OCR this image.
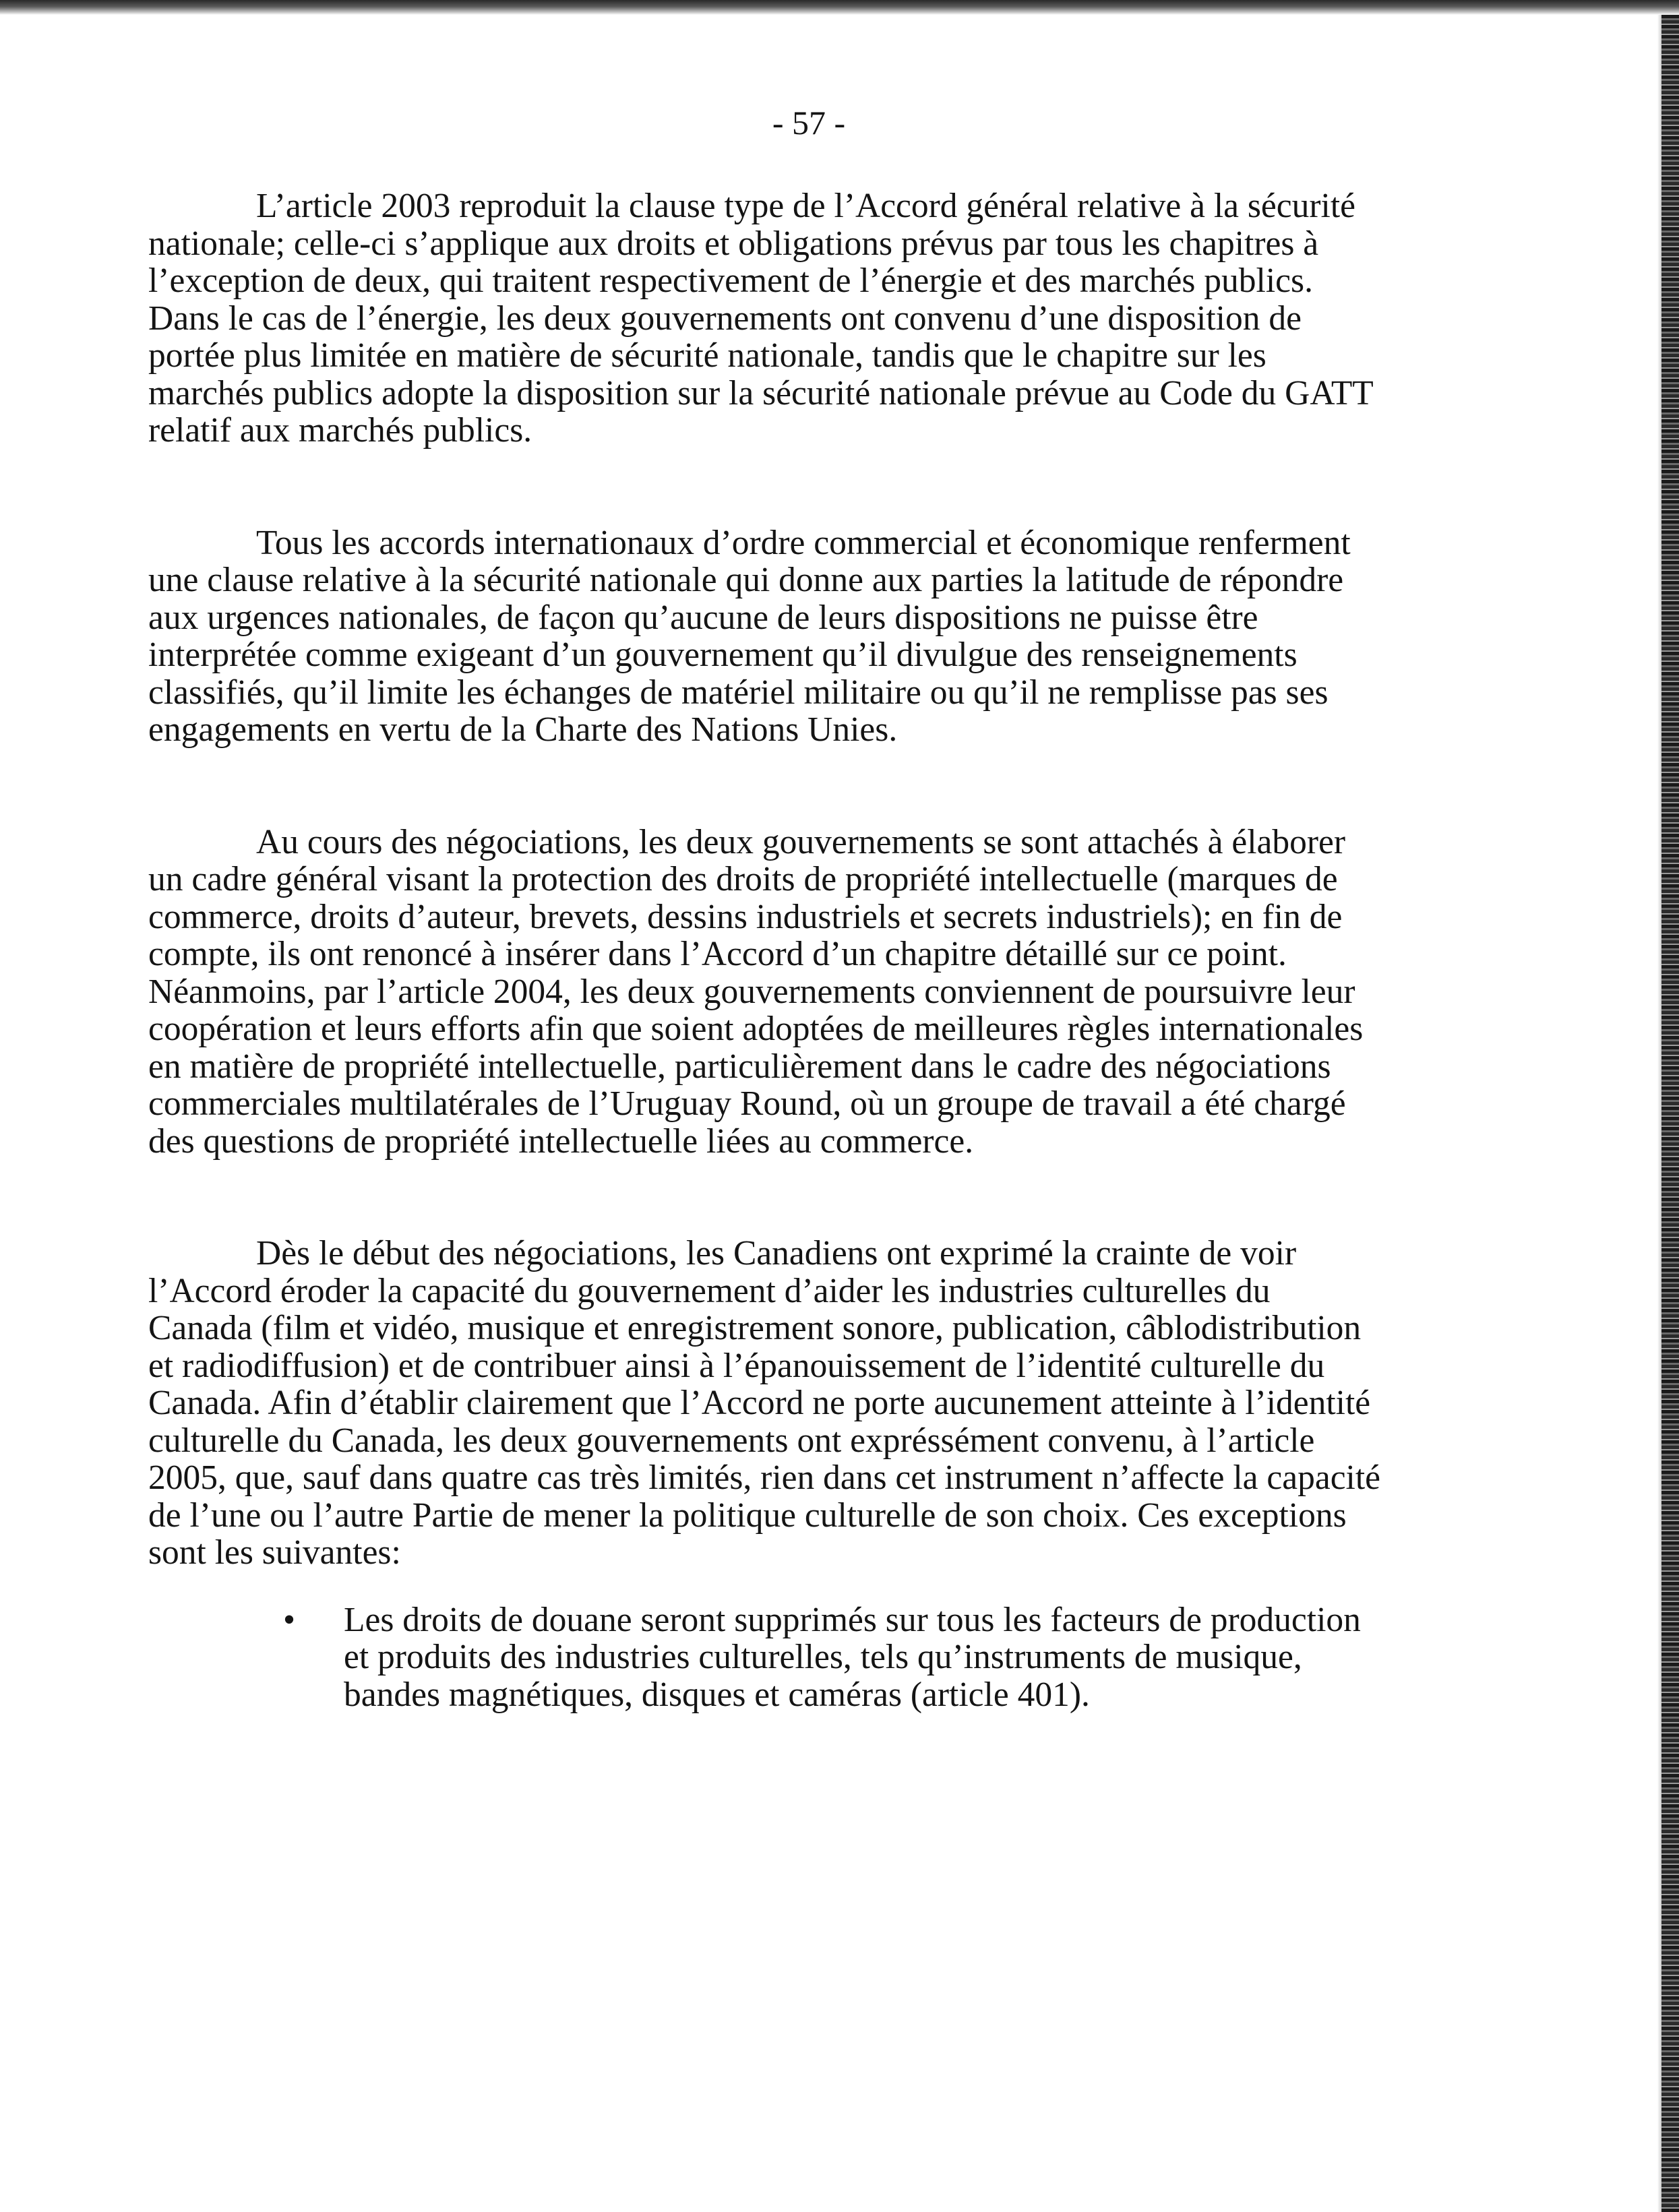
- 57 -

L’article 2003 reproduit la clause type de l’Accord général relative à la sécurité nationale; celle-ci s’applique aux droits et obligations prévus par tous les chapitres à l’exception de deux, qui traitent respectivement de l’énergie et des marchés publics. Dans le cas de l’énergie, les deux gouvernements ont convenu d’une disposition de portée plus limitée en matière de sécurité nationale, tandis que le chapitre sur les marchés publics adopte la disposition sur la sécurité nationale prévue au Code du GATT relatif aux marchés publics.

Tous les accords internationaux d’ordre commercial et économique renferment une clause relative à la sécurité nationale qui donne aux parties la latitude de répondre aux urgences nationales, de façon qu’aucune de leurs dispositions ne puisse être interprétée comme exigeant d’un gouvernement qu’il divulgue des renseignements classifiés, qu’il limite les échanges de matériel militaire ou qu’il ne remplisse pas ses engagements en vertu de la Charte des Nations Unies.

Au cours des négociations, les deux gouvernements se sont attachés à élaborer un cadre général visant la protection des droits de propriété intellectuelle (marques de commerce, droits d’auteur, brevets, dessins industriels et secrets industriels); en fin de compte, ils ont renoncé à insérer dans l’Accord d’un chapitre détaillé sur ce point. Néanmoins, par l’article 2004, les deux gouvernements conviennent de poursuivre leur coopération et leurs efforts afin que soient adoptées de meilleures règles internationales en matière de propriété intellectuelle, particulièrement dans le cadre des négociations commerciales multilatérales de l’Uruguay Round, où un groupe de travail a été chargé des questions de propriété intellectuelle liées au commerce.

Dès le début des négociations, les Canadiens ont exprimé la crainte de voir l’Accord éroder la capacité du gouvernement d’aider les industries culturelles du Canada (film et vidéo, musique et enregistrement sonore, publication, câblodistribution et radiodiffusion) et de contribuer ainsi à l’épanouissement de l’identité culturelle du Canada. Afin d’établir clairement que l’Accord ne porte aucunement atteinte à l’identité culturelle du Canada, les deux gouvernements ont expréssément convenu, à l’article 2005, que, sauf dans quatre cas très limités, rien dans cet instrument n’affecte la capacité de l’une ou l’autre Partie de mener la politique culturelle de son choix. Ces exceptions sont les suivantes:

• Les droits de douane seront supprimés sur tous les facteurs de production et produits des industries culturelles, tels qu’instruments de musique, bandes magnétiques, disques et caméras (article 401).
